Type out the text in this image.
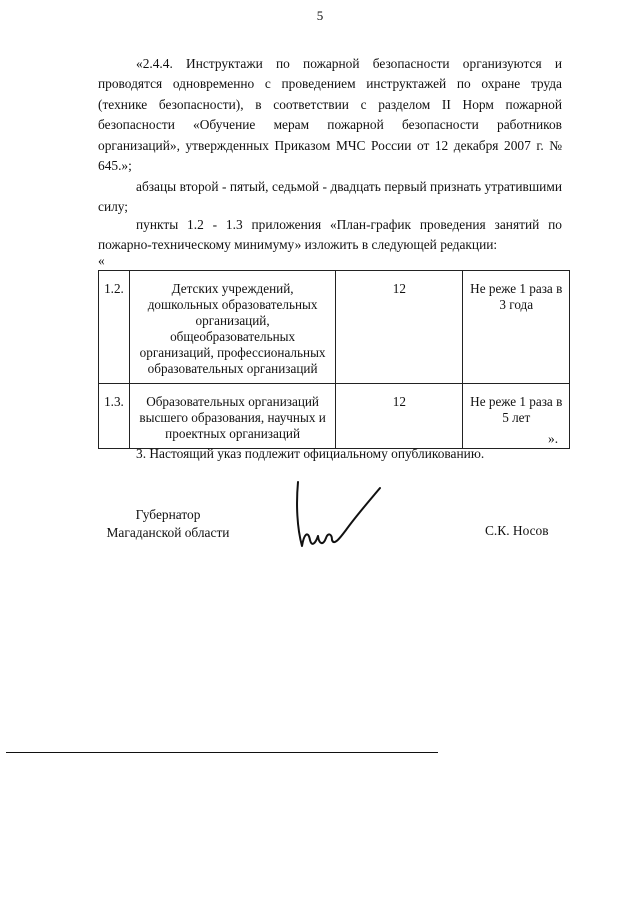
5

«2.4.4. Инструктажи по пожарной безопасности организуются и проводятся одновременно с проведением инструктажей по охране труда (технике безопасности), в соответствии с разделом II Норм пожарной безопасности «Обучение мерам пожарной безопасности работников организаций», утвержденных Приказом МЧС России от 12 декабря 2007 г. № 645.»;

абзацы второй - пятый, седьмой - двадцать первый признать утратившими силу;

пункты 1.2 - 1.3 приложения «План-график проведения занятий по пожарно-техническому минимуму» изложить в следующей редакции:

«
1.2.	Детских учреждений, дошкольных образовательных организаций, общеобразовательных организаций, профессиональных образовательных организаций	12	Не реже 1 раза в 3 года
1.3.	Образовательных организаций высшего образования, научных и проектных организаций	12	Не реже 1 раза в 5 лет
».
3. Настоящий указ подлежит официальному опубликованию.
Губернатор
Магаданской области	С.К. Носов
